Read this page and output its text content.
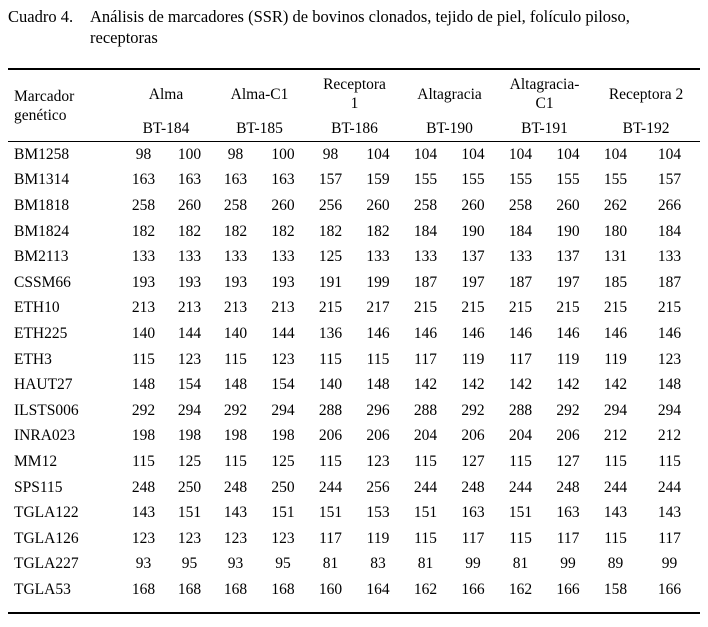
Cuadro 4.	Análisis de marcadores (SSR) de bovinos clonados, tejido de piel, folículo piloso, receptoras
Marcador genético	Alma		Alma-C1		Receptora 1		Altagracia		Altagracia-C1		Receptora 2	
	BT-184		BT-185		BT-186		BT-190		BT-191		BT-192	
BM1258	98	100	98	100	98	104	104	104	104	104	104	104
BM1314	163	163	163	163	157	159	155	155	155	155	155	157
BM1818	258	260	258	260	256	260	258	260	258	260	262	266
BM1824	182	182	182	182	182	182	184	190	184	190	180	184
BM2113	133	133	133	133	125	133	133	137	133	137	131	133
CSSM66	193	193	193	193	191	199	187	197	187	197	185	187
ETH10	213	213	213	213	215	217	215	215	215	215	215	215
ETH225	140	144	140	144	136	146	146	146	146	146	146	146
ETH3	115	123	115	123	115	115	117	119	117	119	119	123
HAUT27	148	154	148	154	140	148	142	142	142	142	142	148
ILSTS006	292	294	292	294	288	296	288	292	288	292	294	294
INRA023	198	198	198	198	206	206	204	206	204	206	212	212
MM12	115	125	115	125	115	123	115	127	115	127	115	115
SPS115	248	250	248	250	244	256	244	248	244	248	244	244
TGLA122	143	151	143	151	151	153	151	163	151	163	143	143
TGLA126	123	123	123	123	117	119	115	117	115	117	115	117
TGLA227	93	95	93	95	81	83	81	99	81	99	89	99
TGLA53	168	168	168	168	160	164	162	166	162	166	158	166
